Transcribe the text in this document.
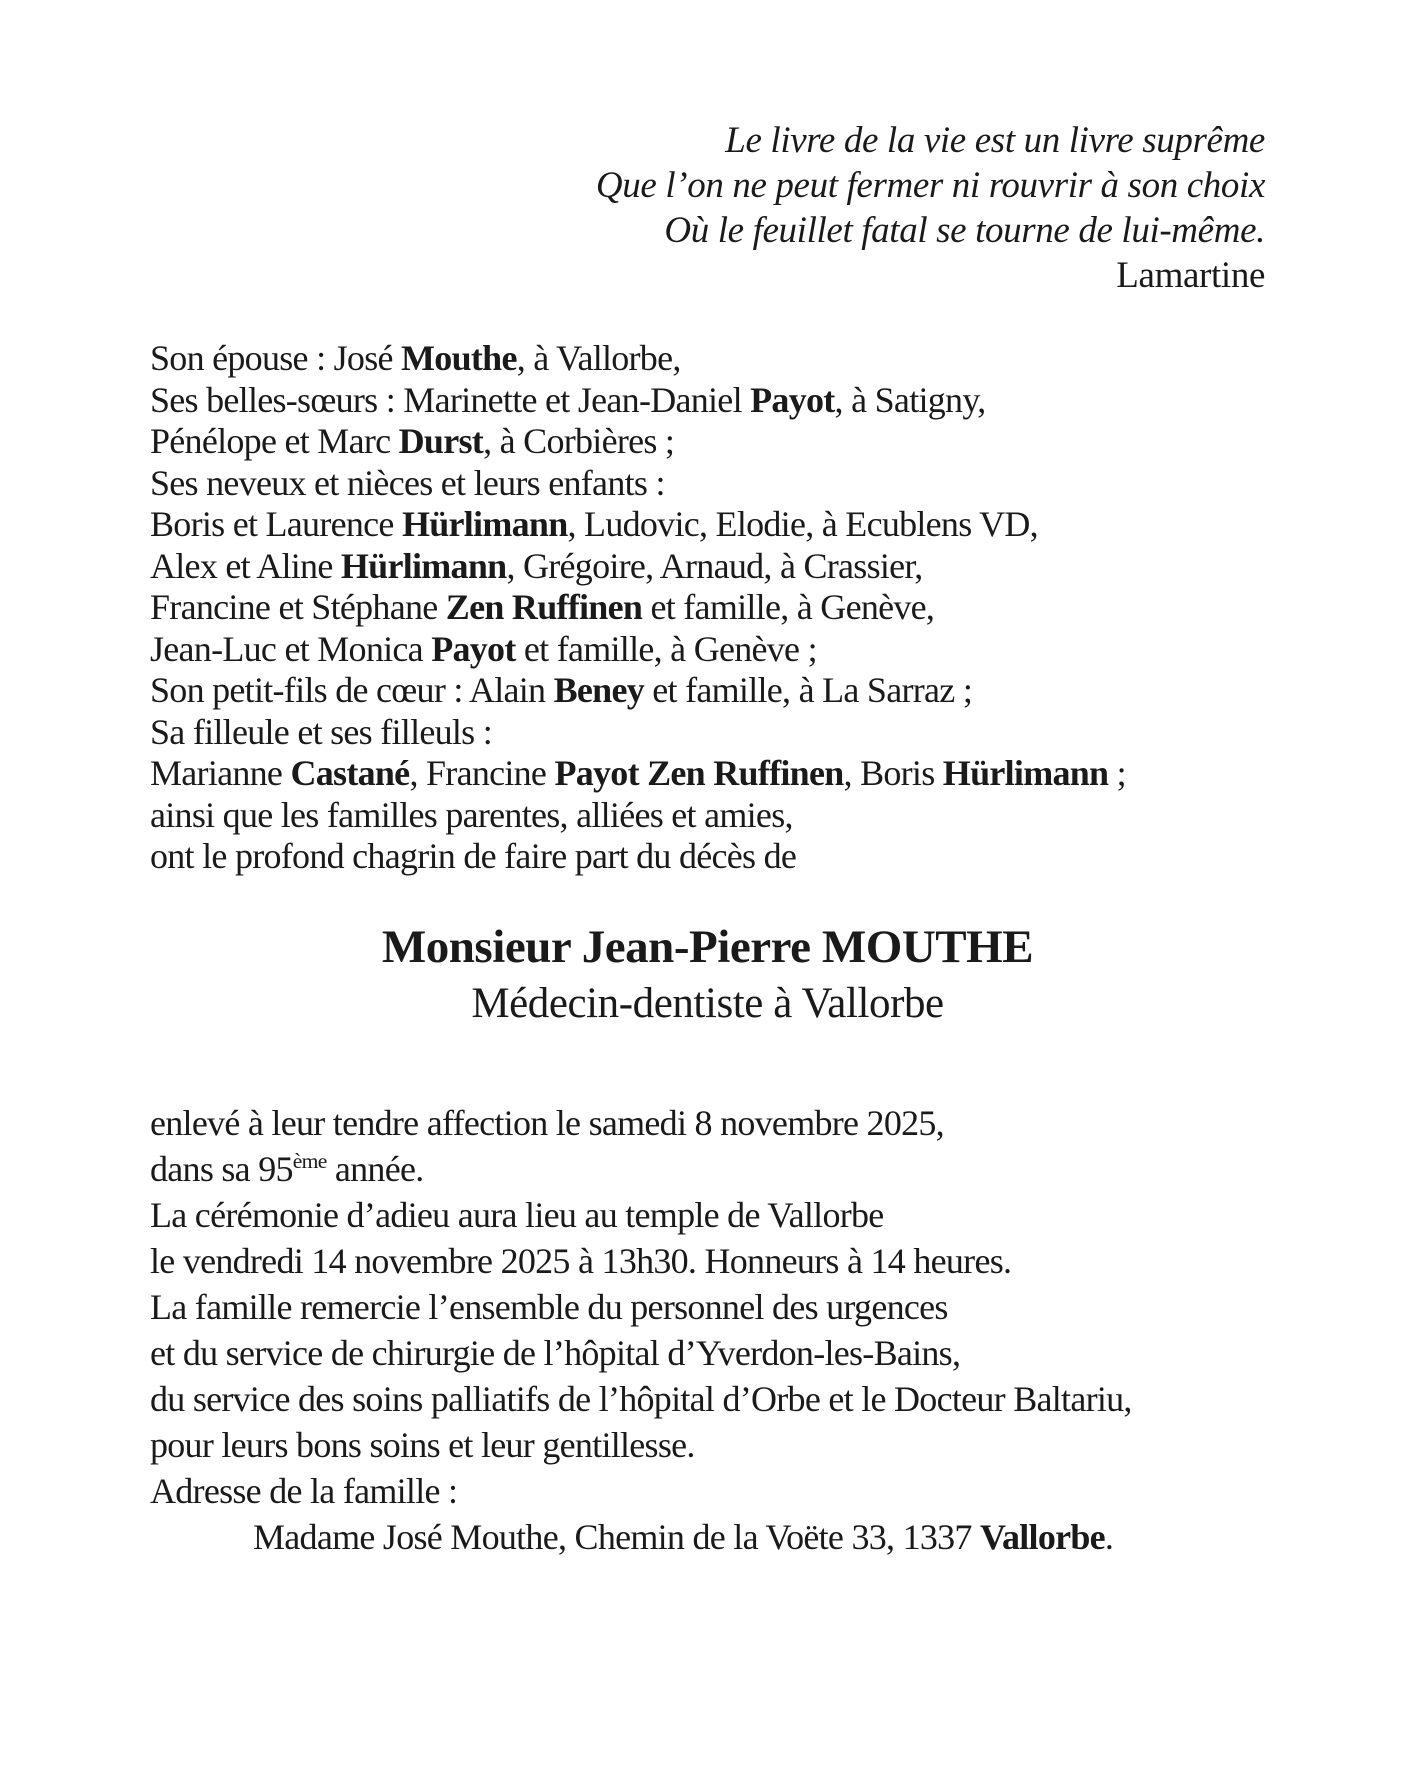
Le livre de la vie est un livre suprême
Que l’on ne peut fermer ni rouvrir à son choix
Où le feuillet fatal se tourne de lui-même.
Lamartine
Son épouse : José Mouthe, à Vallorbe,
Ses belles-sœurs : Marinette et Jean-Daniel Payot, à Satigny,
Pénélope et Marc Durst, à Corbières ;
Ses neveux et nièces et leurs enfants :
Boris et Laurence Hürlimann, Ludovic, Elodie, à Ecublens VD,
Alex et Aline Hürlimann, Grégoire, Arnaud, à Crassier,
Francine et Stéphane Zen Ruffinen et famille, à Genève,
Jean-Luc et Monica Payot et famille, à Genève ;
Son petit-fils de cœur : Alain Beney et famille, à La Sarraz ;
Sa filleule et ses filleuls :
Marianne Castané, Francine Payot Zen Ruffinen, Boris Hürlimann ;
ainsi que les familles parentes, alliées et amies,
ont le profond chagrin de faire part du décès de
Monsieur Jean-Pierre MOUTHE
Médecin-dentiste à Vallorbe
enlevé à leur tendre affection le samedi 8 novembre 2025,
dans sa 95ème année.
La cérémonie d’adieu aura lieu au temple de Vallorbe
le vendredi 14 novembre 2025 à 13h30. Honneurs à 14 heures.
La famille remercie l’ensemble du personnel des urgences
et du service de chirurgie de l’hôpital d’Yverdon-les-Bains,
du service des soins palliatifs de l’hôpital d’Orbe et le Docteur Baltariu,
pour leurs bons soins et leur gentillesse.
Adresse de la famille :
Madame José Mouthe, Chemin de la Voëte 33, 1337 Vallorbe.
